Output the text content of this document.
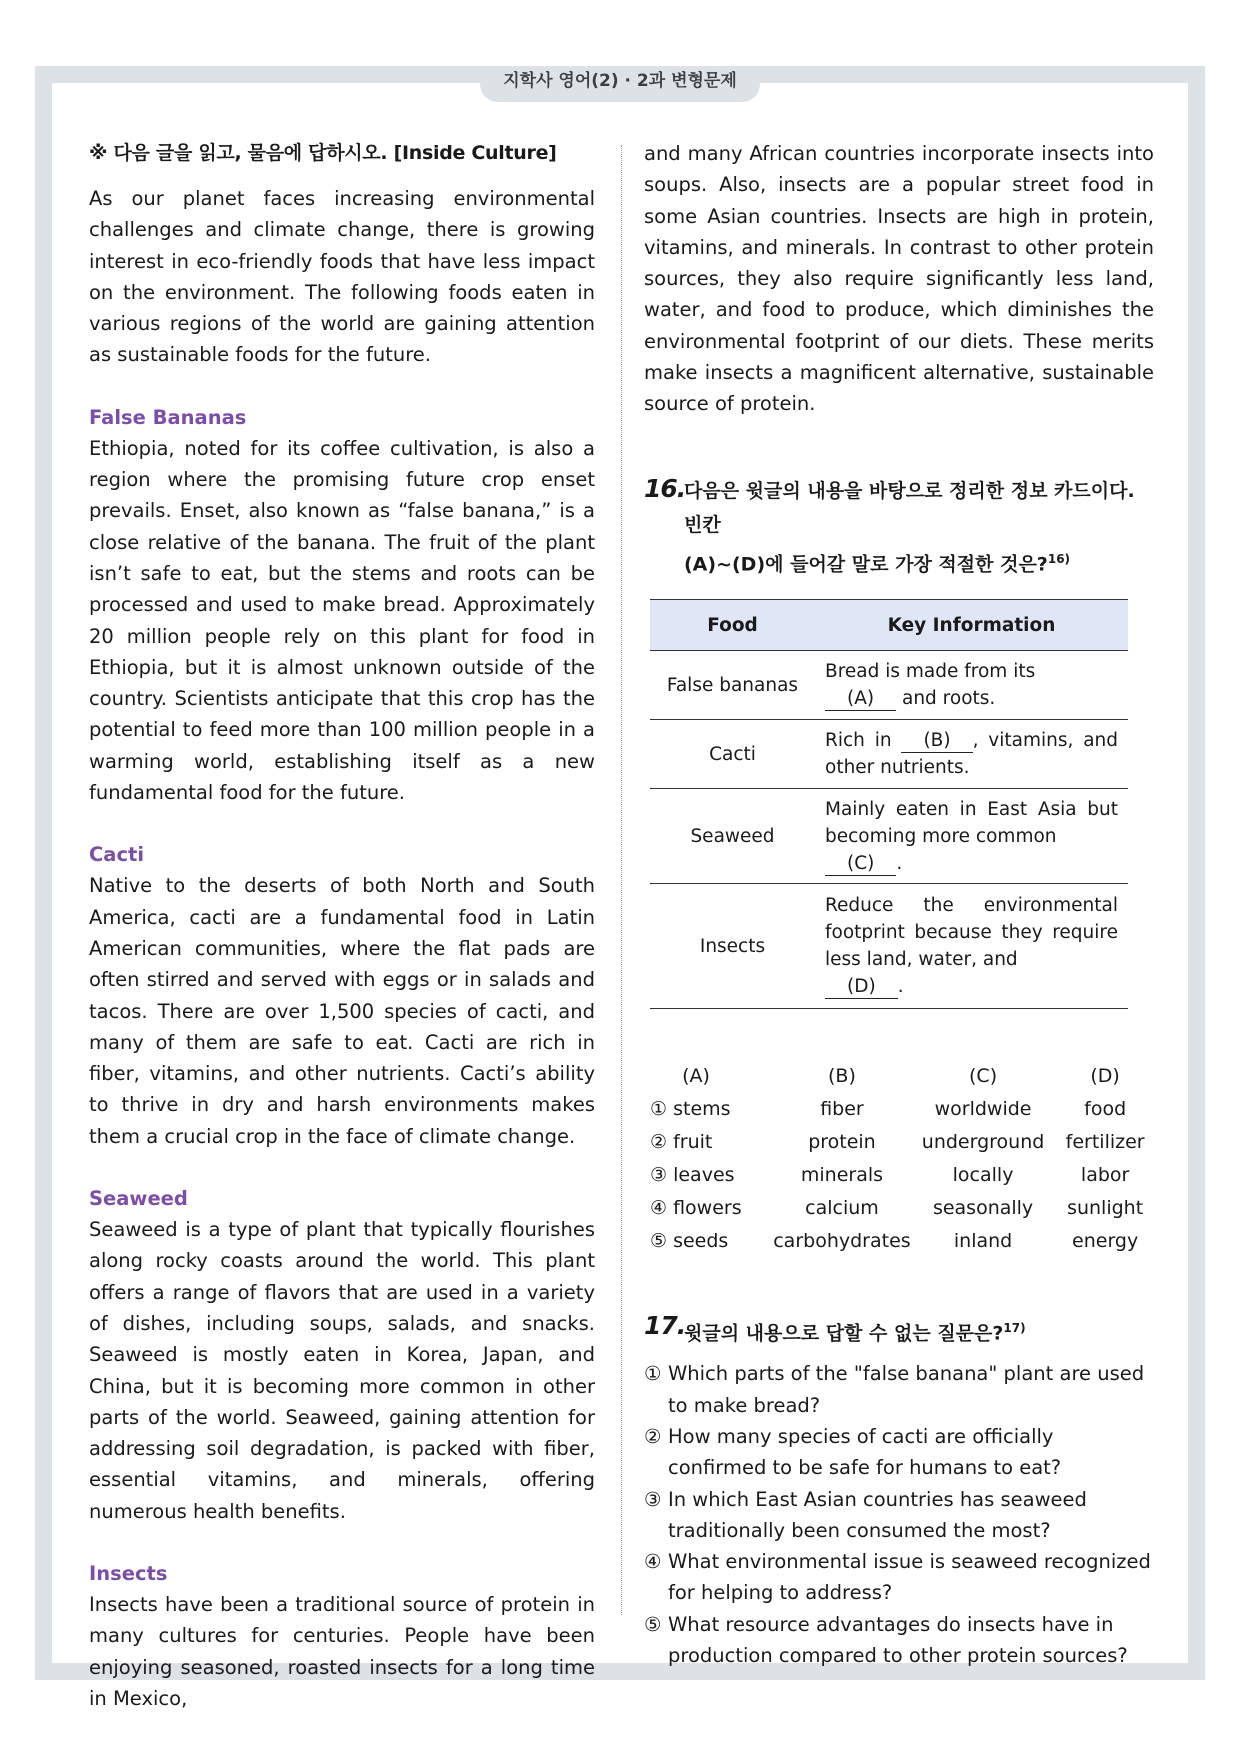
지학사 영어(2) · 2과 변형문제

※ 다음 글을 읽고, 물음에 답하시오. [Inside Culture]

As our planet faces increasing environmental challenges and climate change, there is growing interest in eco-friendly foods that have less impact on the environment. The following foods eaten in various regions of the world are gaining attention as sustainable foods for the future.

False Bananas

Ethiopia, noted for its coffee cultivation, is also a region where the promising future crop enset prevails. Enset, also known as “false banana,” is a close relative of the banana. The fruit of the plant isn’t safe to eat, but the stems and roots can be processed and used to make bread. Approximately 20 million people rely on this plant for food in Ethiopia, but it is almost unknown outside of the country. Scientists anticipate that this crop has the potential to feed more than 100 million people in a warming world, establishing itself as a new fundamental food for the future.

Cacti

Native to the deserts of both North and South America, cacti are a fundamental food in Latin American communities, where the flat pads are often stirred and served with eggs or in salads and tacos. There are over 1,500 species of cacti, and many of them are safe to eat. Cacti are rich in fiber, vitamins, and other nutrients. Cacti’s ability to thrive in dry and harsh environments makes them a crucial crop in the face of climate change.

Seaweed

Seaweed is a type of plant that typically flourishes along rocky coasts around the world. This plant offers a range of flavors that are used in a variety of dishes, including soups, salads, and snacks. Seaweed is mostly eaten in Korea, Japan, and China, but it is becoming more common in other parts of the world. Seaweed, gaining attention for addressing soil degradation, is packed with fiber, essential vitamins, and minerals, offering numerous health benefits.

Insects

Insects have been a traditional source of protein in many cultures for centuries. People have been enjoying seasoned, roasted insects for a long time in Mexico,

and many African countries incorporate insects into soups. Also, insects are a popular street food in some Asian countries. Insects are high in protein, vitamins, and minerals. In contrast to other protein sources, they also require significantly less land, water, and food to produce, which diminishes the environmental footprint of our diets. These merits make insects a magnificent alternative, sustainable source of protein.

16.
다음은 윗글의 내용을 바탕으로 정리한 정보 카드이다. 빈칸
(A)~(D)에 들어갈 말로 가장 적절한 것은?$^{16)}$
Food	Key Information
False bananas	Bread is made from its
(A) and roots.
Cacti	Rich in (B) , vitamins, and other nutrients.
Seaweed	Mainly eaten in East Asia but becoming more common
(C) .
Insects	Reduce the environmental footprint because they require less land, water, and
(D) .
(A)	(B)	(C)	(D)
① stems	fiber	worldwide	food
② fruit	protein	underground	fertilizer
③ leaves	minerals	locally	labor
④ flowers	calcium	seasonally	sunlight
⑤ seeds	carbohydrates	inland	energy
17.
윗글의 내용으로 답할 수 없는 질문은?$^{17)}$
① Which parts of the "false banana" plant are used to make bread?
② How many species of cacti are officially confirmed to be safe for humans to eat?
③ In which East Asian countries has seaweed traditionally been consumed the most?
④ What environmental issue is seaweed recognized for helping to address?
⑤ What resource advantages do insects have in production compared to other protein sources?
